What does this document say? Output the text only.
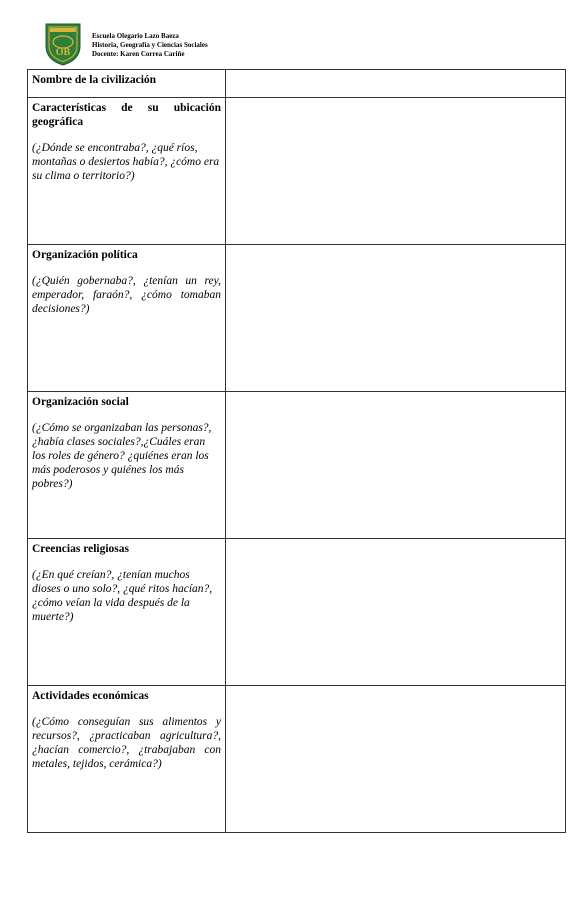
OB
Escuela Olegario Lazo Baeza
Historia, Geografía y Ciencias Sociales
Docente: Karen Correa Cariñe

Nombre de la civilización	

Características de su ubicación

geográfica

(¿Dónde se encontraba?, ¿qué ríos, montañas o desiertos había?, ¿cómo era su clima o territorio?)	

Organización política

(¿Quién gobernaba?, ¿tenían un rey, emperador, faraón?, ¿cómo tomaban decisiones?)	

Organización social

(¿Cómo se organizaban las personas?, ¿había clases sociales?,¿Cuáles eran los roles de género? ¿quiénes eran los más poderosos y quiénes los más pobres?)	

Creencias religiosas

(¿En qué creían?, ¿tenían muchos dioses o uno solo?, ¿qué ritos hacían?, ¿cómo veían la vida después de la muerte?)	

Actividades económicas

(¿Cómo conseguían sus alimentos y recursos?, ¿practicaban agricultura?, ¿hacían comercio?, ¿trabajaban con metales, tejidos, cerámica?)	
